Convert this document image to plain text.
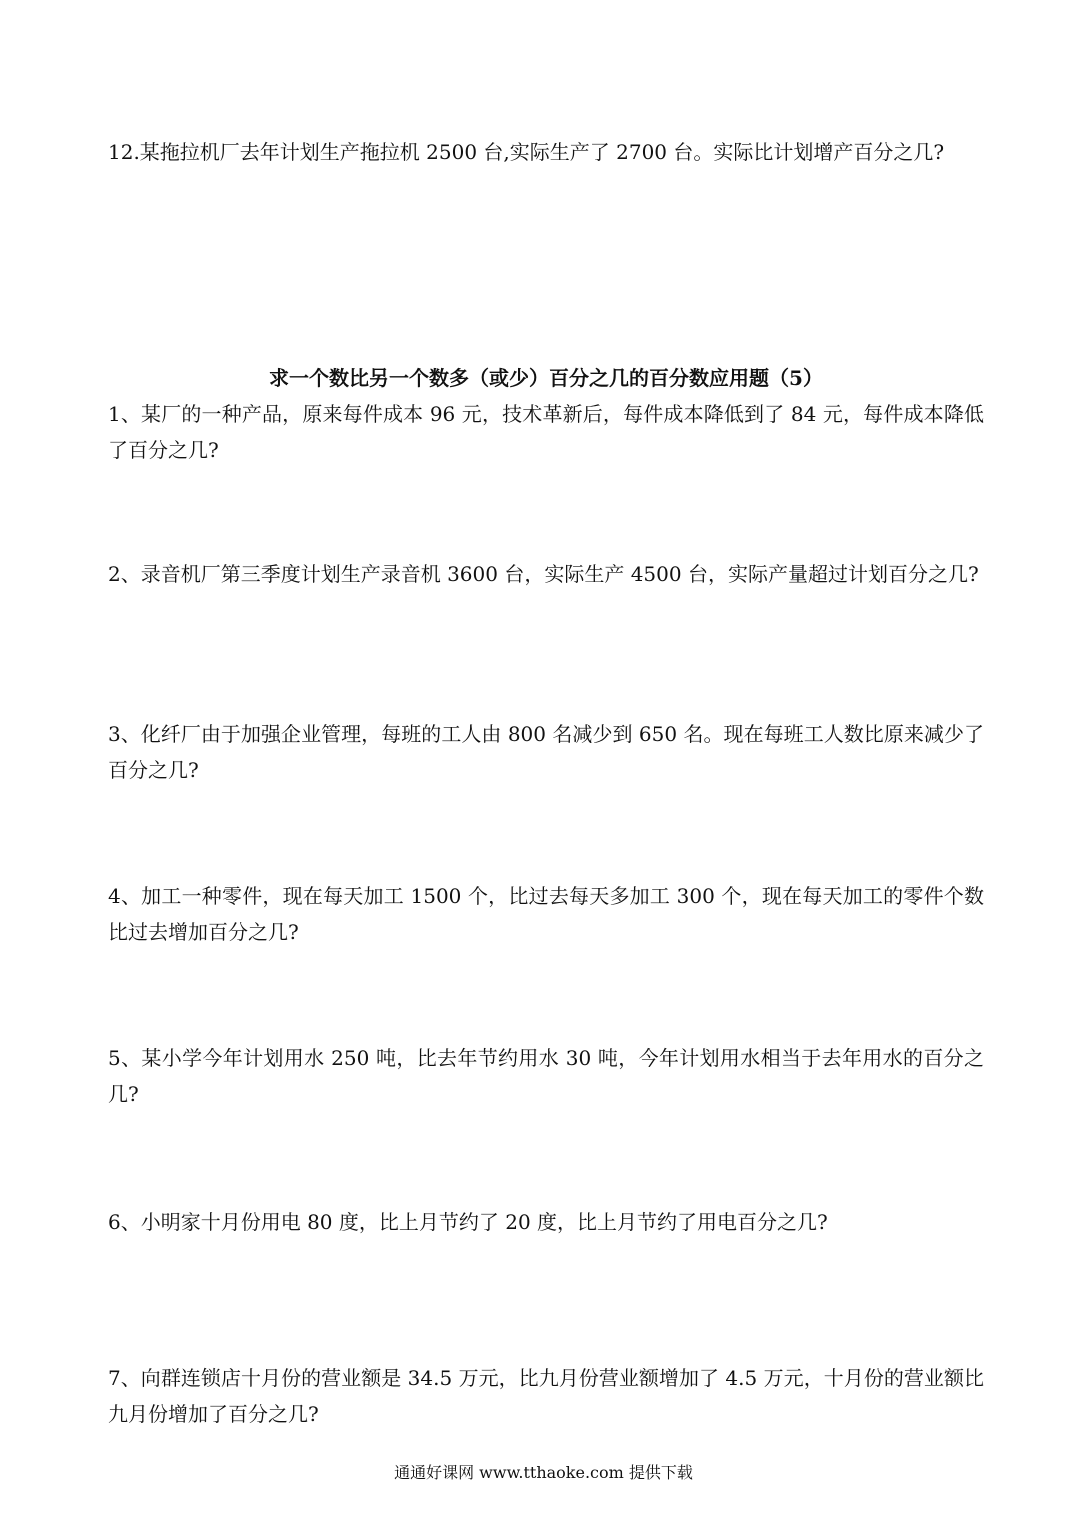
12.某拖拉机厂去年计划生产拖拉机 2500 台,实际生产了 2700 台。实际比计划增产百分之几?

求一个数比另一个数多（或少）百分之几的百分数应用题（5）

1、某厂的一种产品，原来每件成本 96 元，技术革新后，每件成本降低到了 84 元，每件成本降低了百分之几?

2、录音机厂第三季度计划生产录音机 3600 台，实际生产 4500 台，实际产量超过计划百分之几?

3、化纤厂由于加强企业管理，每班的工人由 800 名减少到 650 名。现在每班工人数比原来减少了百分之几?

4、加工一种零件，现在每天加工 1500 个，比过去每天多加工 300 个，现在每天加工的零件个数比过去增加百分之几?

5、某小学今年计划用水 250 吨，比去年节约用水 30 吨，今年计划用水相当于去年用水的百分之几?

6、小明家十月份用电 80 度，比上月节约了 20 度，比上月节约了用电百分之几?

7、向群连锁店十月份的营业额是 34.5 万元，比九月份营业额增加了 4.5 万元，十月份的营业额比九月份增加了百分之几?

通通好课网 www.tthaoke.com 提供下载
